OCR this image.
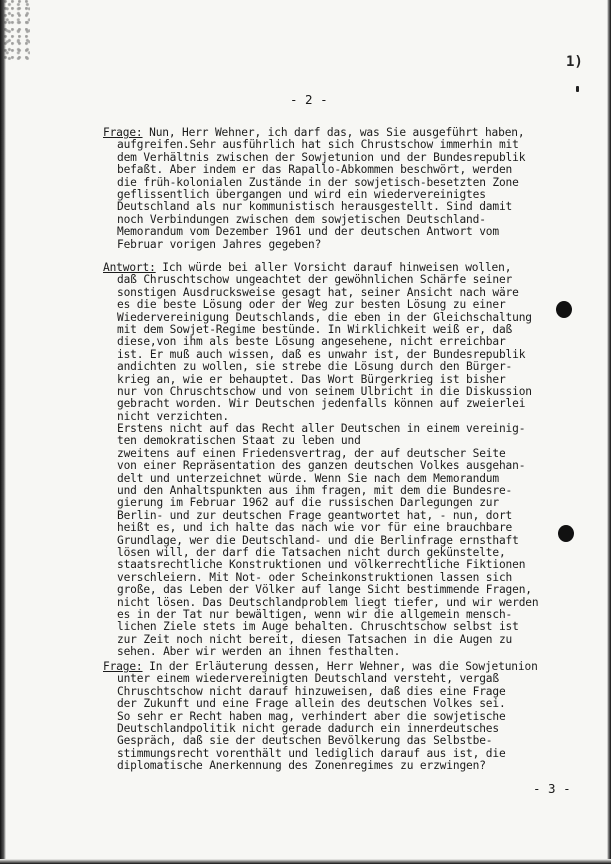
1)
- 2 -
Frage: Nun, Herr Wehner, ich darf das, was Sie ausgeführt haben,
aufgreifen.Sehr ausführlich hat sich Chrustschow immerhin mit
dem Verhältnis zwischen der Sowjetunion und der Bundesrepublik
befaßt. Aber indem er das Rapallo-Abkommen beschwört, werden
die früh-kolonialen Zustände in der sowjetisch-besetzten Zone
geflissentlich übergangen und wird ein wiedervereinigtes
Deutschland als nur kommunistisch herausgestellt. Sind damit
noch Verbindungen zwischen dem sowjetischen Deutschland-
Memorandum vom Dezember 1961 und der deutschen Antwort vom
Februar vorigen Jahres gegeben?
Antwort: Ich würde bei aller Vorsicht darauf hinweisen wollen,
daß Chruschtschow ungeachtet der gewöhnlichen Schärfe seiner
sonstigen Ausdrucksweise gesagt hat, seiner Ansicht nach wäre
es die beste Lösung oder der Weg zur besten Lösung zu einer
Wiedervereinigung Deutschlands, die eben in der Gleichschaltung
mit dem Sowjet-Regime bestünde. In Wirklichkeit weiß er, daß
diese,von ihm als beste Lösung angesehene, nicht erreichbar
ist. Er muß auch wissen, daß es unwahr ist, der Bundesrepublik
andichten zu wollen, sie strebe die Lösung durch den Bürger-
krieg an, wie er behauptet. Das Wort Bürgerkrieg ist bisher
nur von Chruschtschow und von seinem Ulbricht in die Diskussion
gebracht worden. Wir Deutschen jedenfalls können auf zweierlei
nicht verzichten.
Erstens nicht auf das Recht aller Deutschen in einem vereinig-
ten demokratischen Staat zu leben und
zweitens auf einen Friedensvertrag, der auf deutscher Seite
von einer Repräsentation des ganzen deutschen Volkes ausgehan-
delt und unterzeichnet würde. Wenn Sie nach dem Memorandum
und den Anhaltspunkten aus ihm fragen, mit dem die Bundesre-
gierung im Februar 1962 auf die russischen Darlegungen zur
Berlin- und zur deutschen Frage geantwortet hat, - nun, dort
heißt es, und ich halte das nach wie vor für eine brauchbare
Grundlage, wer die Deutschland- und die Berlinfrage ernsthaft
lösen will, der darf die Tatsachen nicht durch gekünstelte,
staatsrechtliche Konstruktionen und völkerrechtliche Fiktionen
verschleiern. Mit Not- oder Scheinkonstruktionen lassen sich
große, das Leben der Völker auf lange Sicht bestimmende Fragen,
nicht lösen. Das Deutschlandproblem liegt tiefer, und wir werden
es in der Tat nur bewältigen, wenn wir die allgemein mensch-
lichen Ziele stets im Auge behalten. Chruschtschow selbst ist
zur Zeit noch nicht bereit, diesen Tatsachen in die Augen zu
sehen. Aber wir werden an ihnen festhalten.
Frage: In der Erläuterung dessen, Herr Wehner, was die Sowjetunion
unter einem wiedervereinigten Deutschland versteht, vergaß
Chruschtschow nicht darauf hinzuweisen, daß dies eine Frage
der Zukunft und eine Frage allein des deutschen Volkes sei.
So sehr er Recht haben mag, verhindert aber die sowjetische
Deutschlandpolitik nicht gerade dadurch ein innerdeutsches
Gespräch, daß sie der deutschen Bevölkerung das Selbstbe-
stimmungsrecht vorenthält und lediglich darauf aus ist, die
diplomatische Anerkennung des Zonenregimes zu erzwingen?
- 3 -
